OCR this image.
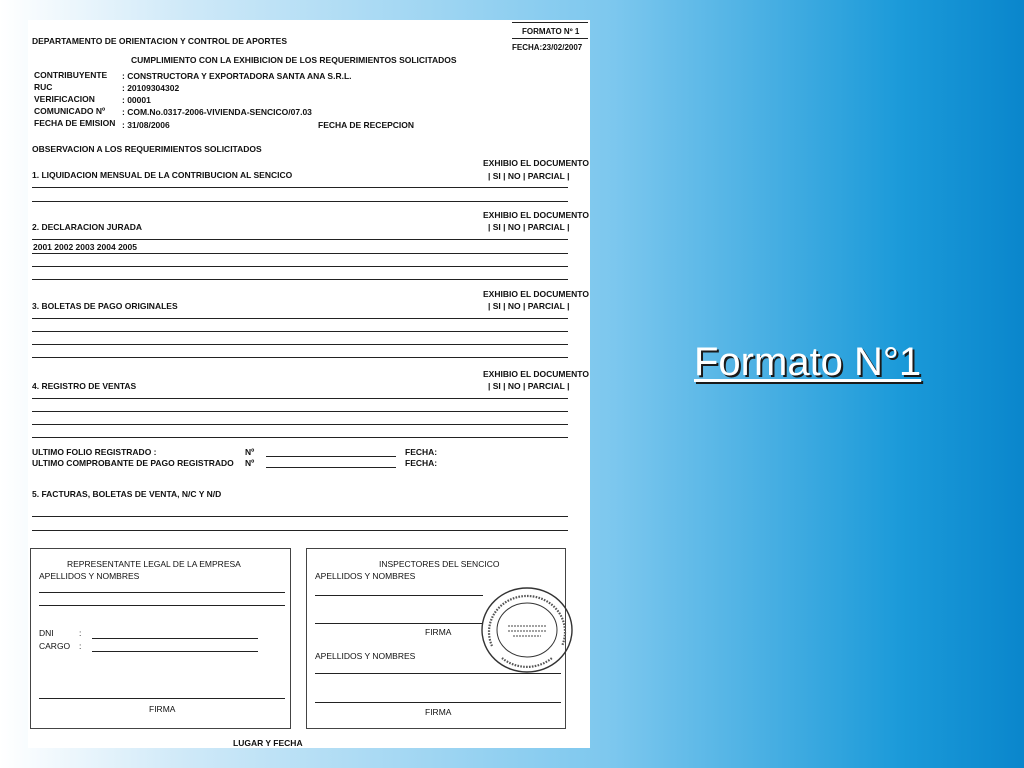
FORMATO Nº 1
FECHA:23/02/2007
DEPARTAMENTO DE ORIENTACION Y CONTROL DE APORTES
CUMPLIMIENTO CON LA EXHIBICION DE LOS REQUERIMIENTOS SOLICITADOS
CONTRIBUYENTE : CONSTRUCTORA Y EXPORTADORA SANTA ANA S.R.L.
RUC	: 20109304302
VERIFICACION	: 00001
COMUNICADO Nº : COM.No.0317-2006-VIVIENDA-SENCICO/07.03
FECHA DE EMISION : 31/08/2006	FECHA DE RECEPCION
OBSERVACION A LOS REQUERIMIENTOS SOLICITADOS
EXHIBIO EL DOCUMENTO
1. LIQUIDACION MENSUAL DE LA CONTRIBUCION AL SENCICO	| SI | NO | PARCIAL |
EXHIBIO EL DOCUMENTO
2. DECLARACION JURADA	| SI | NO | PARCIAL |
2001 2002 2003 2004 2005
EXHIBIO EL DOCUMENTO
3. BOLETAS DE PAGO ORIGINALES	| SI | NO | PARCIAL |
EXHIBIO EL DOCUMENTO
4. REGISTRO DE VENTAS	| SI | NO | PARCIAL |
ULTIMO FOLIO REGISTRADO :	Nº	FECHA:
ULTIMO COMPROBANTE DE PAGO REGISTRADO Nº	FECHA:
5. FACTURAS, BOLETAS DE VENTA, N/C Y N/D
REPRESENTANTE LEGAL DE LA EMPRESA
APELLIDOS Y NOMBRES
DNI	:
CARGO :
FIRMA
INSPECTORES DEL SENCICO
APELLIDOS Y NOMBRES
FIRMA
APELLIDOS Y NOMBRES
FIRMA
LUGAR Y FECHA
Formato N°1
